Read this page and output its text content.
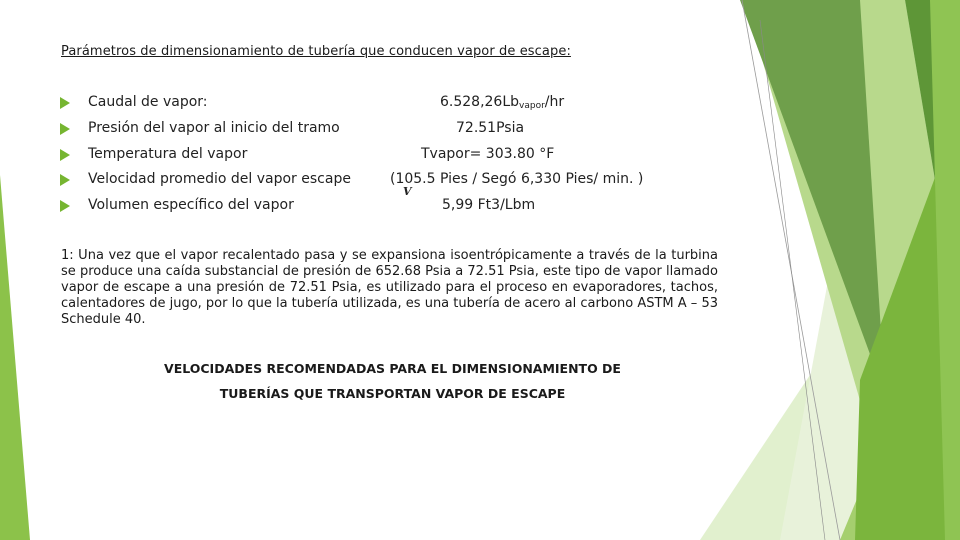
Parámetros de dimensionamiento de tubería que conducen vapor de escape:
Caudal de vapor:	$6.528,26Lb_{vapor}/hr$
Presión del vapor al inicio del tramo	72.51Psia
Temperatura del vapor	Tvapor= 303.80 °F
Velocidad promedio del vapor escape	(105.5 Pies / Segó 6,330 Pies/ min. )
Volumen específico del vapor	5,99 Ft3/Lbm
V
1: Una vez que el vapor recalentado pasa y se expansiona isoentrópicamente a través de la turbina se produce una caída substancial de presión de 652.68 Psia a 72.51 Psia, este tipo de vapor llamado vapor de escape a una presión de 72.51 Psia, es utilizado para el proceso en evaporadores, tachos, calentadores de jugo, por lo que la tubería utilizada, es una tubería de acero al carbono ASTM A – 53 Schedule 40.
VELOCIDADES RECOMENDADAS PARA EL DIMENSIONAMIENTO DE
TUBERÍAS QUE TRANSPORTAN VAPOR DE ESCAPE
